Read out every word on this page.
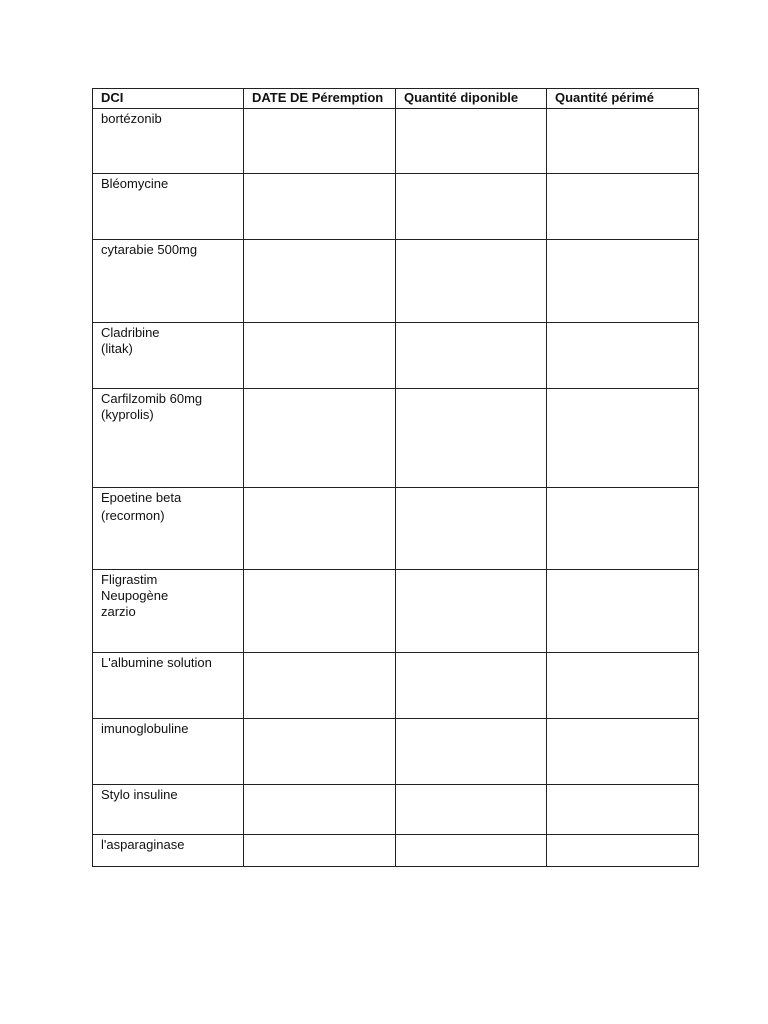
DCI	DATE DE Péremption	Quantité diponible	Quantité périmé

bortézonib			

Bléomycine			

cytarabie 500mg			

Cladribine
(litak)			

Carfilzomib 60mg
(kyprolis)			

Epoetine beta
(recormon)			

Fligrastim
Neupogène
zarzio			

L'albumine solution			

imunoglobuline			

Stylo insuline			

l'asparaginase			
